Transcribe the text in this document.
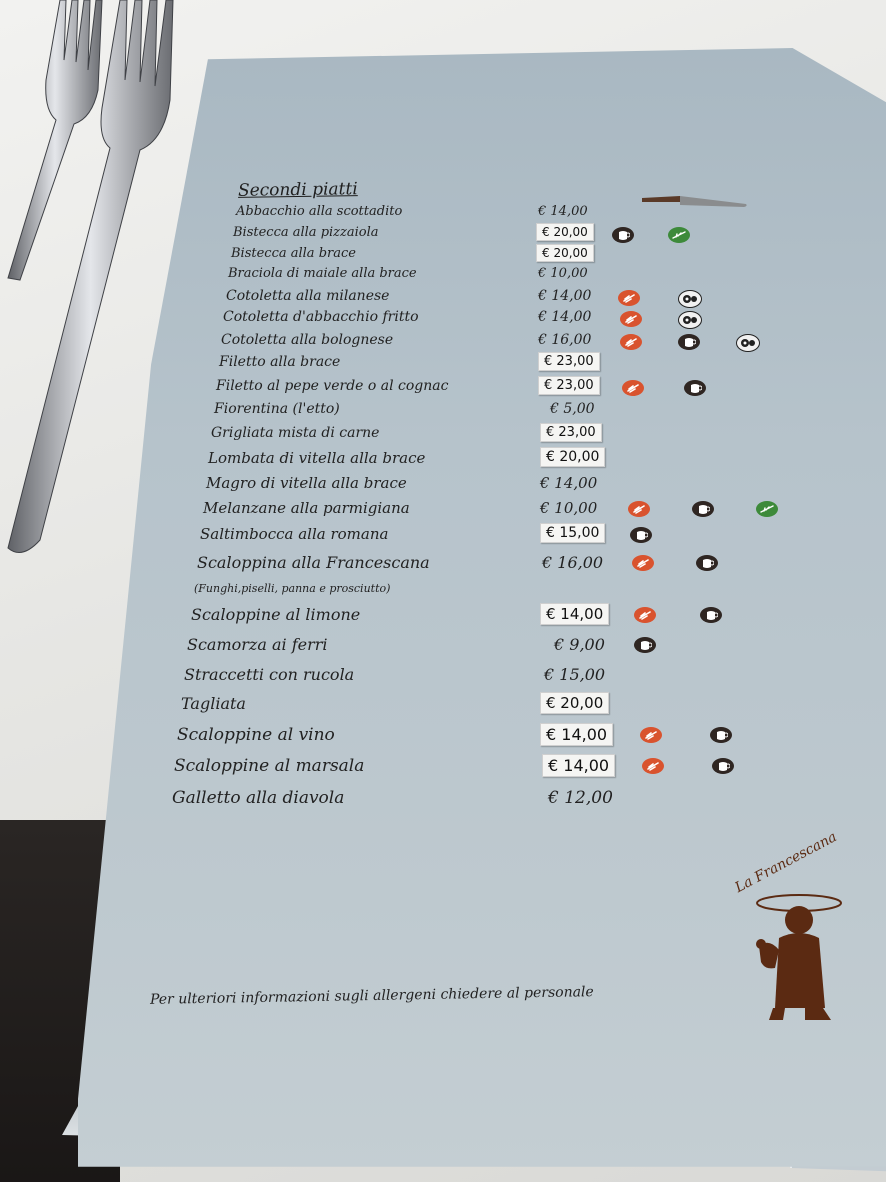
Secondi piatti
Abbacchio alla scottadito	€ 14,00
Bistecca alla pizzaiola	€ 20,00
Bistecca alla brace	€ 20,00
Braciola di maiale alla brace	€ 10,00
Cotoletta alla milanese	€ 14,00
Cotoletta d'abbacchio fritto	€ 14,00
Cotoletta alla bolognese	€ 16,00
Filetto alla brace	€ 23,00
Filetto al pepe verde o al cognac	€ 23,00
Fiorentina (l'etto)	€ 5,00
Grigliata mista di carne	€ 23,00
Lombata di vitella alla brace	€ 20,00
Magro di vitella alla brace	€ 14,00
Melanzane alla parmigiana	€ 10,00
Saltimbocca alla romana	€ 15,00
Scaloppina alla Francescana	€ 16,00
(Funghi,piselli, panna e prosciutto)
Scaloppine al limone	€ 14,00
Scamorza ai ferri	€ 9,00
Straccetti con rucola	€ 15,00
Tagliata	€ 20,00
Scaloppine al vino	€ 14,00
Scaloppine al marsala	€ 14,00
Galletto alla diavola	€ 12,00
Per ulteriori informazioni sugli allergeni chiedere al personale
La Francescana
